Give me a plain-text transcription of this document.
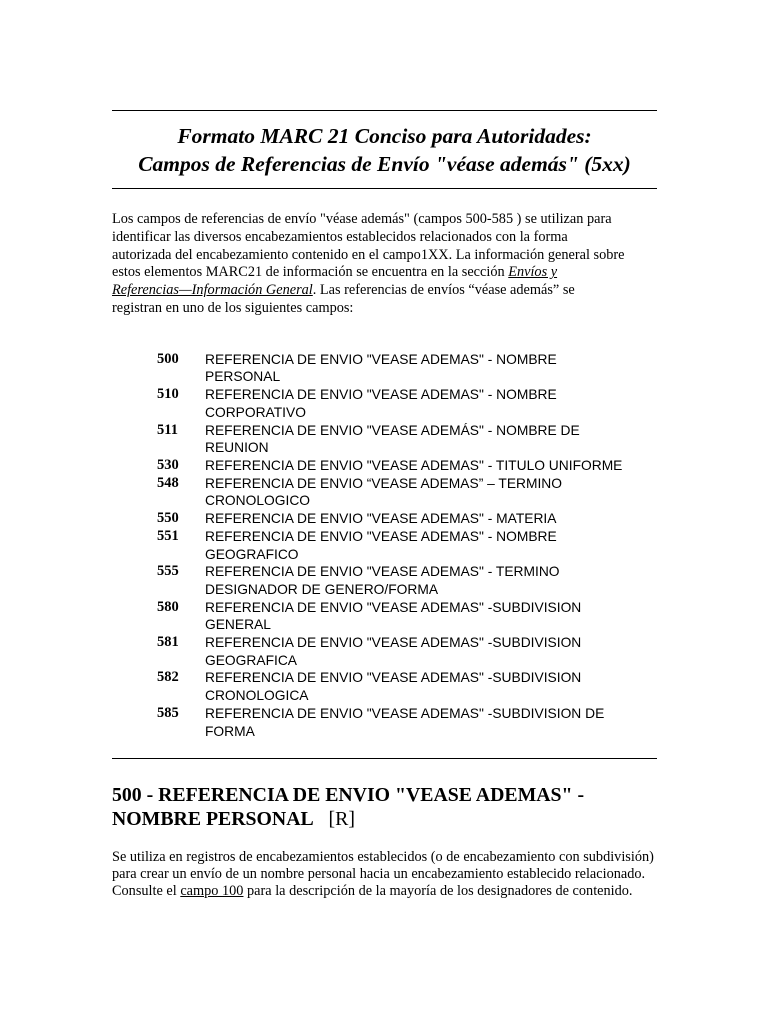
Formato MARC 21 Conciso para Autoridades:
Campos de Referencias de Envío "véase además" (5xx)

Los campos de referencias de envío "véase además" (campos 500-585 ) se utilizan para
identificar las diversos encabezamientos establecidos relacionados con la forma
autorizada del encabezamiento contenido en el campo1XX. La información general sobre
estos elementos MARC21 de información se encuentra en la sección Envíos y
Referencias—Información General. Las referencias de envíos “véase además” se
registran en uno de los siguientes campos:

500	REFERENCIA DE ENVIO "VEASE ADEMAS" - NOMBRE
PERSONAL
510	REFERENCIA DE ENVIO "VEASE ADEMAS" - NOMBRE
CORPORATIVO
511	REFERENCIA DE ENVIO "VEASE ADEMÁS" - NOMBRE DE
REUNION
530	REFERENCIA DE ENVIO "VEASE ADEMAS" - TITULO UNIFORME
548	REFERENCIA DE ENVIO “VEASE ADEMAS” – TERMINO
CRONOLOGICO
550	REFERENCIA DE ENVIO "VEASE ADEMAS" - MATERIA
551	REFERENCIA DE ENVIO "VEASE ADEMAS" - NOMBRE
GEOGRAFICO
555	REFERENCIA DE ENVIO "VEASE ADEMAS" - TERMINO
DESIGNADOR DE GENERO/FORMA
580	REFERENCIA DE ENVIO "VEASE ADEMAS" -SUBDIVISION
GENERAL
581	REFERENCIA DE ENVIO "VEASE ADEMAS" -SUBDIVISION
GEOGRAFICA
582	REFERENCIA DE ENVIO "VEASE ADEMAS" -SUBDIVISION
CRONOLOGICA
585	REFERENCIA DE ENVIO "VEASE ADEMAS" -SUBDIVISION DE
FORMA
500 - REFERENCIA DE ENVIO "VEASE ADEMAS" -
NOMBRE PERSONAL [R]

Se utiliza en registros de encabezamientos establecidos (o de encabezamiento con subdivisión)
para crear un envío de un nombre personal hacia un encabezamiento establecido relacionado.
Consulte el campo 100 para la descripción de la mayoría de los designadores de contenido.
